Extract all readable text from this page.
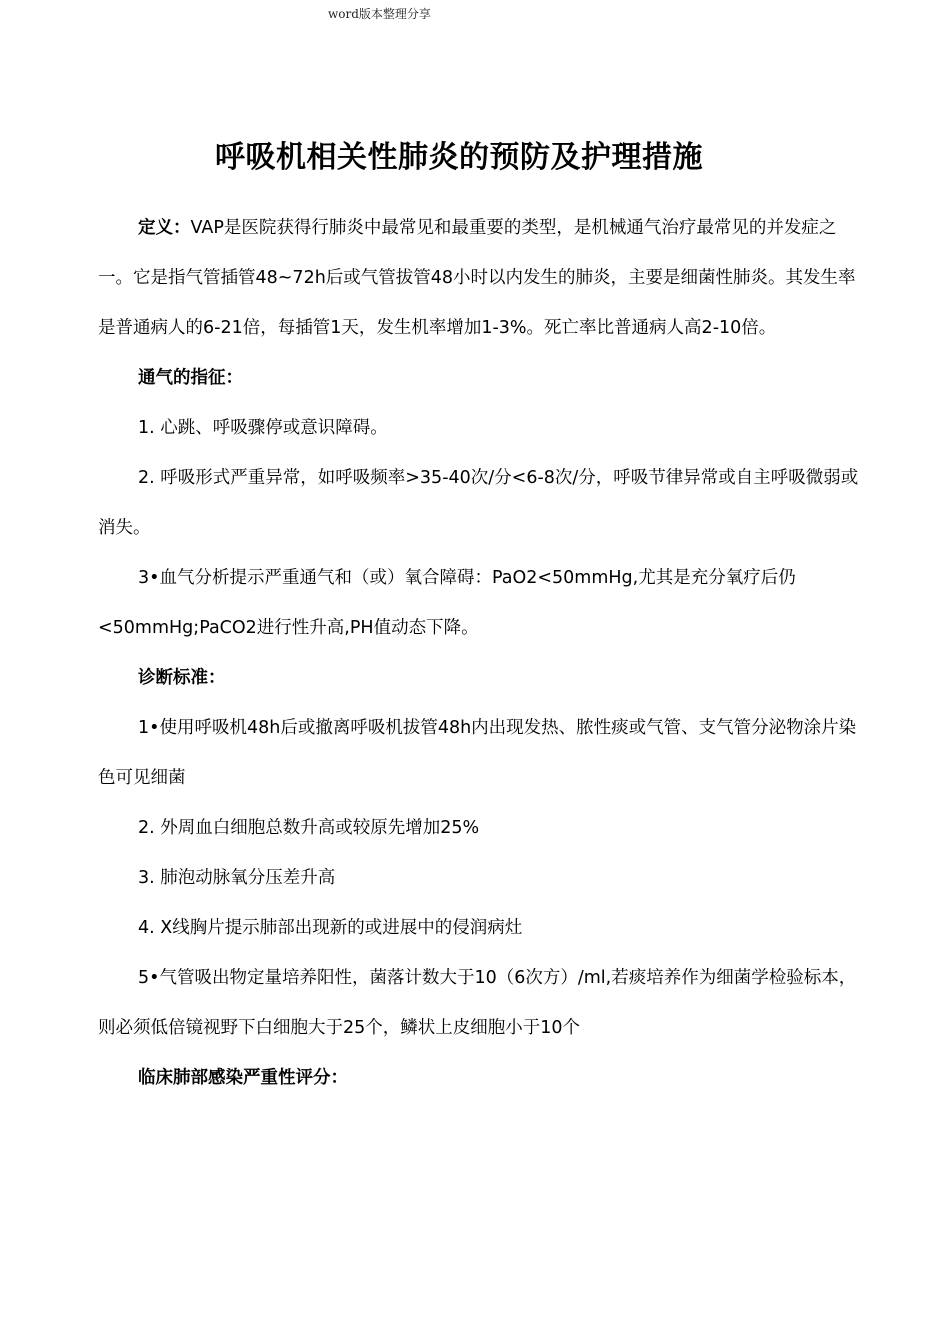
word版本整理分享
呼吸机相关性肺炎的预防及护理措施

定义：VAP是医院获得行肺炎中最常见和最重要的类型，是机械通气治疗最常见的并发症之一。它是指气管插管48~72h后或气管拔管48小时以内发生的肺炎，主要是细菌性肺炎。其发生率是普通病人的6-21倍，每插管1天，发生机率增加1-3%。死亡率比普通病人高2-10倍。

通气的指征：

1. 心跳、呼吸骤停或意识障碍。

2. 呼吸形式严重异常，如呼吸频率>35-40次/分<6-8次/分，呼吸节律异常或自主呼吸微弱或消失。

3•血气分析提示严重通气和（或）氧合障碍：PaO2<50mmHg,尤其是充分氧疗后仍<50mmHg;PaCO2进行性升高,PH值动态下降。

诊断标准：

1•使用呼吸机48h后或撤离呼吸机拔管48h内出现发热、脓性痰或气管、支气管分泌物涂片染色可见细菌

2. 外周血白细胞总数升高或较原先增加25%

3. 肺泡动脉氧分压差升高

4. X线胸片提示肺部出现新的或进展中的侵润病灶

5•气管吸出物定量培养阳性，菌落计数大于10（6次方）/ml,若痰培养作为细菌学检验标本，则必须低倍镜视野下白细胞大于25个，鳞状上皮细胞小于10个

临床肺部感染严重性评分：
